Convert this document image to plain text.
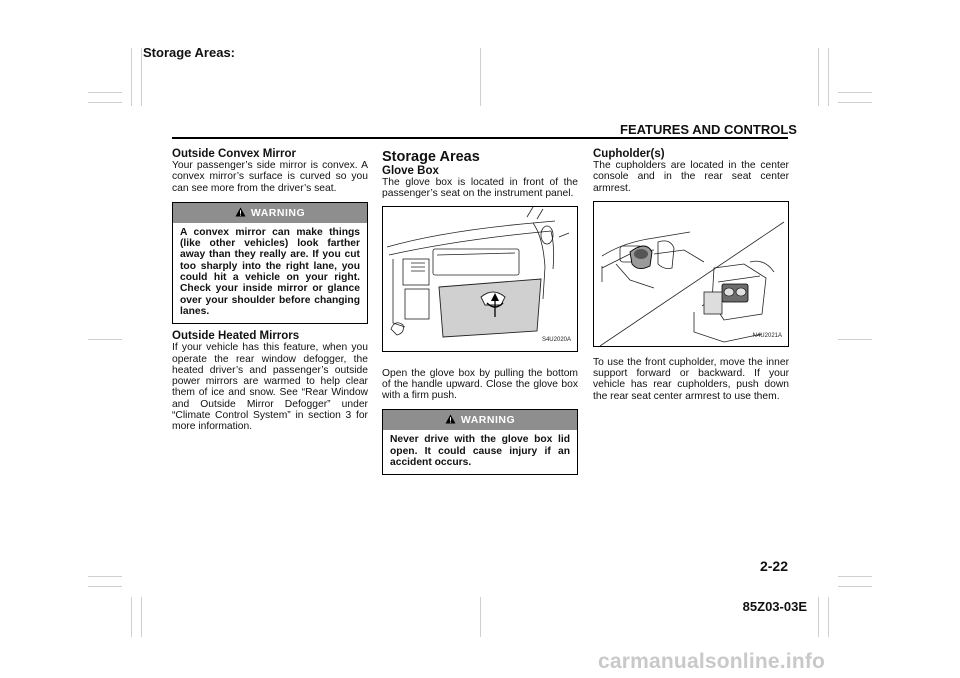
Storage Areas:
FEATURES AND CONTROLS
Outside Convex Mirror

Your passenger’s side mirror is convex. A convex mirror’s surface is curved so you can see more from the driver’s seat.

WARNING
A convex mirror can make things (like other vehicles) look farther away than they really are. If you cut too sharply into the right lane, you could hit a vehicle on your right. Check your inside mirror or glance over your shoulder before changing lanes.
Outside Heated Mirrors

If your vehicle has this feature, when you operate the rear window defogger, the heated driver’s and passenger’s outside power mirrors are warmed to help clear them of ice and snow. See “Rear Window and Outside Mirror Defogger” under “Climate Control System” in section 3 for more information.

Storage Areas
Glove Box

The glove box is located in front of the passenger’s seat on the instrument panel.

S4U2020A

Open the glove box by pulling the bottom of the handle upward. Close the glove box with a firm push.

WARNING
Never drive with the glove box lid open. It could cause injury if an accident occurs.
Cupholder(s)

The cupholders are located in the center console and in the rear seat center armrest.

N4U2021A

To use the front cupholder, move the inner support forward or backward. If your vehicle has rear cupholders, push down the rear seat center armrest to use them.

2-22
85Z03-03E
carmanualsonline.info
